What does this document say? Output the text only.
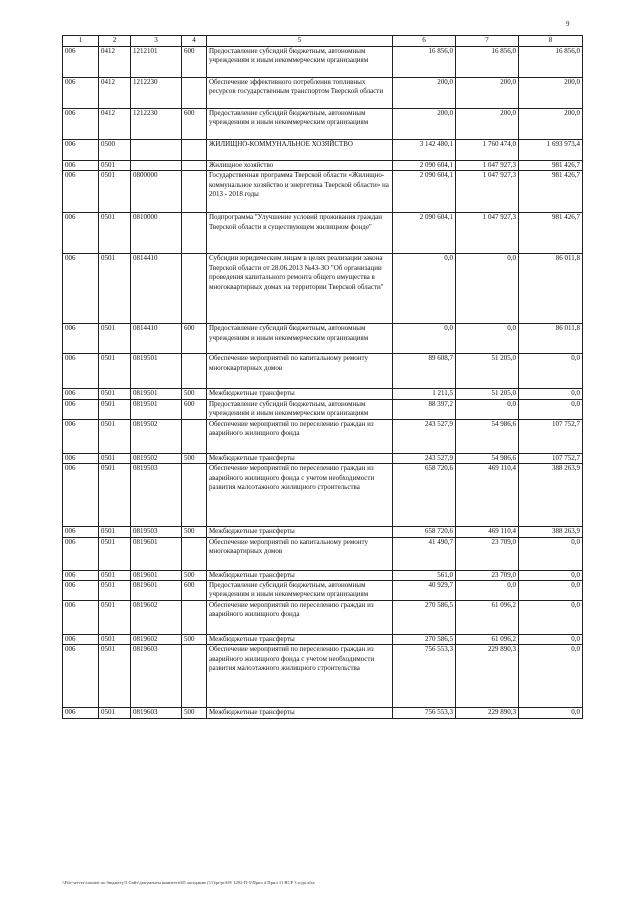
9
1	2	3	4	5	6	7	8
006	0412	1212101	600	Предоставление субсидий бюджетным, автономным учреждениям и иным некоммерческим организациям	16 856,0	16 856,0	16 856,0
006	0412	1212230		Обеспечение эффективного потребления топливных ресурсов государственным транспортом Тверской области	200,0	200,0	200,0
006	0412	1212230	600	Предоставление субсидий бюджетным, автономным учреждениям и иным некоммерческим организациям	200,0	200,0	200,0
006	0500			ЖИЛИЩНО-КОММУНАЛЬНОЕ ХОЗЯЙСТВО	3 142 480,1	1 760 474,0	1 693 973,4
006	0501			Жилищное хозяйство	2 090 604,1	1 047 927,3	981 426,7
006	0501	0800000		Государственная программа Тверской области «Жилищно-коммунальное хозяйство и энергетика Тверской области» на 2013 - 2018 годы	2 090 604,1	1 047 927,3	981 426,7
006	0501	0810000		Подпрограмма "Улучшение условий проживания граждан Тверской области в существующем жилищном фонде"	2 090 604,1	1 047 927,3	981 426,7
006	0501	0814410		Субсидии юридическим лицам в целях реализации закона Тверской области от 28.06.2013 №43-ЗО "Об организации проведения капитального ремонта общего имущества в многоквартирных домах на территории Тверской области"	0,0	0,0	86 011,8
006	0501	0814410	600	Предоставление субсидий бюджетным, автономным учреждениям и иным некоммерческим организациям	0,0	0,0	86 011,8
006	0501	0819501		Обеспечение мероприятий по капитальному ремонту многоквартирных домов	89 608,7	51 205,0	0,0
006	0501	0819501	500	Межбюджетные трансферты	1 211,5	51 205,0	0,0
006	0501	0819501	600	Предоставление субсидий бюджетным, автономным учреждениям и иным некоммерческим организациям	88 397,2	0,0	0,0
006	0501	0819502		Обеспечение мероприятий по переселению граждан из аварийного жилищного фонда	243 527,9	54 986,6	107 752,7
006	0501	0819502	500	Межбюджетные трансферты	243 527,9	54 986,6	107 752,7
006	0501	0819503		Обеспечение мероприятий по переселению граждан из аварийного жилищного фонда с учетом необходимости развития малоэтажного жилищного строительства	658 720,6	469 110,4	388 263,9
006	0501	0819503	500	Межбюджетные трансферты	658 720,6	469 110,4	388 263,9
006	0501	0819601		Обеспечение мероприятий по капитальному ремонту многоквартирных домов	41 490,7	23 709,0	0,0
006	0501	0819601	500	Межбюджетные трансферты	561,0	23 709,0	0,0
006	0501	0819601	600	Предоставление субсидий бюджетным, автономным учреждениям и иным некоммерческим организациям	40 929,7	0,0	0,0
006	0501	0819602		Обеспечение мероприятий по переселению граждан из аварийного жилищного фонда	270 586,5	61 096,2	0,0
006	0501	0819602	500	Межбюджетные трансферты	270 586,5	61 096,2	0,0
006	0501	0819603		Обеспечение мероприятий по переселению граждан из аварийного жилищного фонда с учетом необходимости развития малоэтажного жилищного строительства	756 553,3	229 890,3	0,0
006	0501	0819603	500	Межбюджетные трансферты	756 553,3	229 890,3	0,0
\\File-server\comitet по бюджету\5 Сайт\документы комитета\05 заседание (11)\pr\pr\69\ 1292-П-5\Прил 4 Прил 11 ВСР 3 года.xlsx
